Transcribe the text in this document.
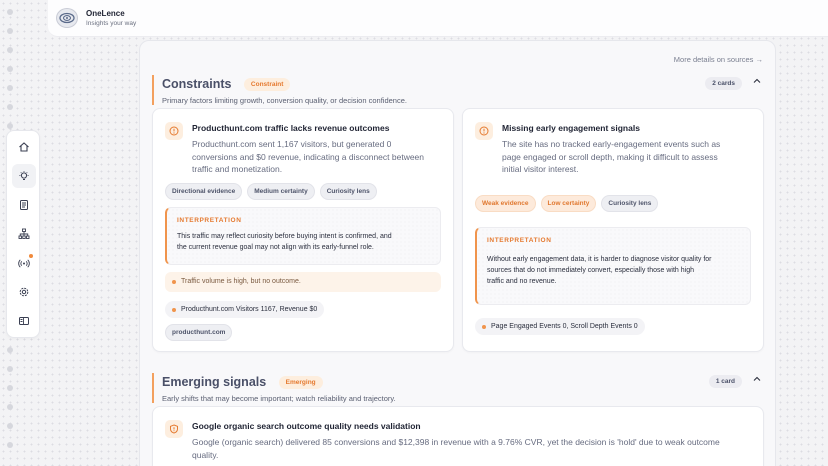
OneLence
Insights your way
More details on sources →
Constraints	Constraint
Primary factors limiting growth, conversion quality, or decision confidence.
2 cards
Producthunt.com traffic lacks revenue outcomes
Producthunt.com sent 1,167 visitors, but generated 0
conversions and $0 revenue, indicating a disconnect between
traffic and monetization.
Directional evidence	Medium certainty	Curiosity lens
INTERPRETATION
This traffic may reflect curiosity before buying intent is confirmed, and
the current revenue goal may not align with its early-funnel role.
Traffic volume is high, but no outcome.
Producthunt.com Visitors 1167, Revenue $0
producthunt.com
Missing early engagement signals
The site has no tracked early-engagement events such as
page engaged or scroll depth, making it difficult to assess
initial visitor interest.
Weak evidence	Low certainty	Curiosity lens
INTERPRETATION
Without early engagement data, it is harder to diagnose visitor quality for
sources that do not immediately convert, especially those with high
traffic and no revenue.
Page Engaged Events 0, Scroll Depth Events 0
Emerging signals	Emerging
Early shifts that may become important; watch reliability and trajectory.
1 card
Google organic search outcome quality needs validation
Google (organic search) delivered 85 conversions and $12,398 in revenue with a 9.76% CVR, yet the decision is 'hold' due to weak outcome
quality.
